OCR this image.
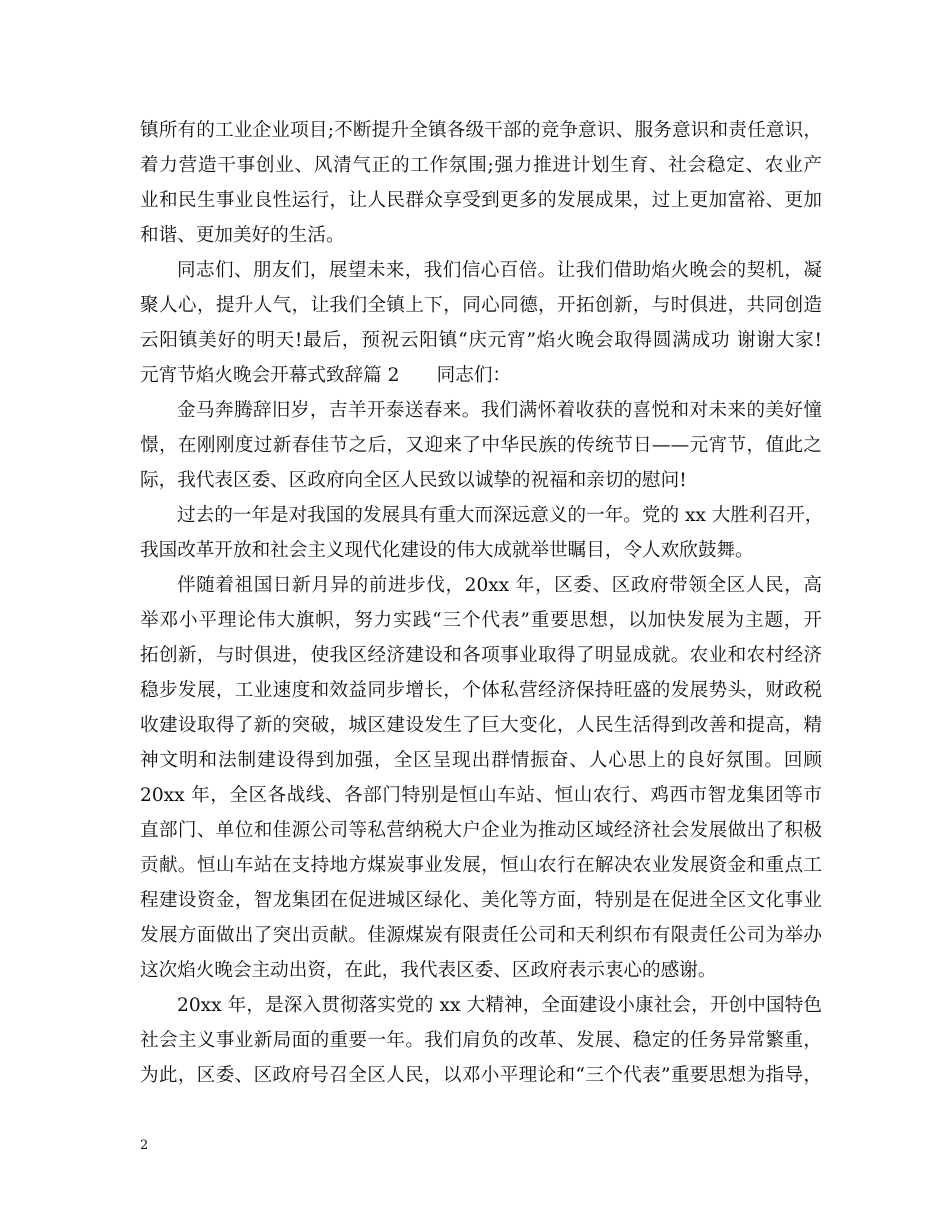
镇所有的工业企业项目;不断提升全镇各级干部的竞争意识、服务意识和责任意识，
着力营造干事创业、风清气正的工作氛围;强力推进计划生育、社会稳定、农业产
业和民生事业良性运行，让人民群众享受到更多的发展成果，过上更加富裕、更加
和谐、更加美好的生活。
同志们、朋友们，展望未来，我们信心百倍。让我们借助焰火晚会的契机，凝
聚人心，提升人气，让我们全镇上下，同心同德，开拓创新，与时俱进，共同创造
云阳镇美好的明天!最后，预祝云阳镇“庆元宵”焰火晚会取得圆满成功 谢谢大家!
元宵节焰火晚会开幕式致辞篇 2　　同志们：
金马奔腾辞旧岁，吉羊开泰送春来。我们满怀着收获的喜悦和对未来的美好憧
憬，在刚刚度过新春佳节之后，又迎来了中华民族的传统节日——元宵节，值此之
际，我代表区委、区政府向全区人民致以诚挚的祝福和亲切的慰问!
过去的一年是对我国的发展具有重大而深远意义的一年。党的 xx 大胜利召开，
我国改革开放和社会主义现代化建设的伟大成就举世瞩目，令人欢欣鼓舞。
伴随着祖国日新月异的前进步伐，20xx 年，区委、区政府带领全区人民，高
举邓小平理论伟大旗帜，努力实践“三个代表”重要思想，以加快发展为主题，开
拓创新，与时俱进，使我区经济建设和各项事业取得了明显成就。农业和农村经济
稳步发展，工业速度和效益同步增长，个体私营经济保持旺盛的发展势头，财政税
收建设取得了新的突破，城区建设发生了巨大变化，人民生活得到改善和提高，精
神文明和法制建设得到加强，全区呈现出群情振奋、人心思上的良好氛围。回顾
20xx 年，全区各战线、各部门特别是恒山车站、恒山农行、鸡西市智龙集团等市
直部门、单位和佳源公司等私营纳税大户企业为推动区域经济社会发展做出了积极
贡献。恒山车站在支持地方煤炭事业发展，恒山农行在解决农业发展资金和重点工
程建设资金，智龙集团在促进城区绿化、美化等方面，特别是在促进全区文化事业
发展方面做出了突出贡献。佳源煤炭有限责任公司和天利织布有限责任公司为举办
这次焰火晚会主动出资，在此，我代表区委、区政府表示衷心的感谢。
20xx 年，是深入贯彻落实党的 xx 大精神，全面建设小康社会，开创中国特色
社会主义事业新局面的重要一年。我们肩负的改革、发展、稳定的任务异常繁重，
为此，区委、区政府号召全区人民，以邓小平理论和“三个代表”重要思想为指导，
2
